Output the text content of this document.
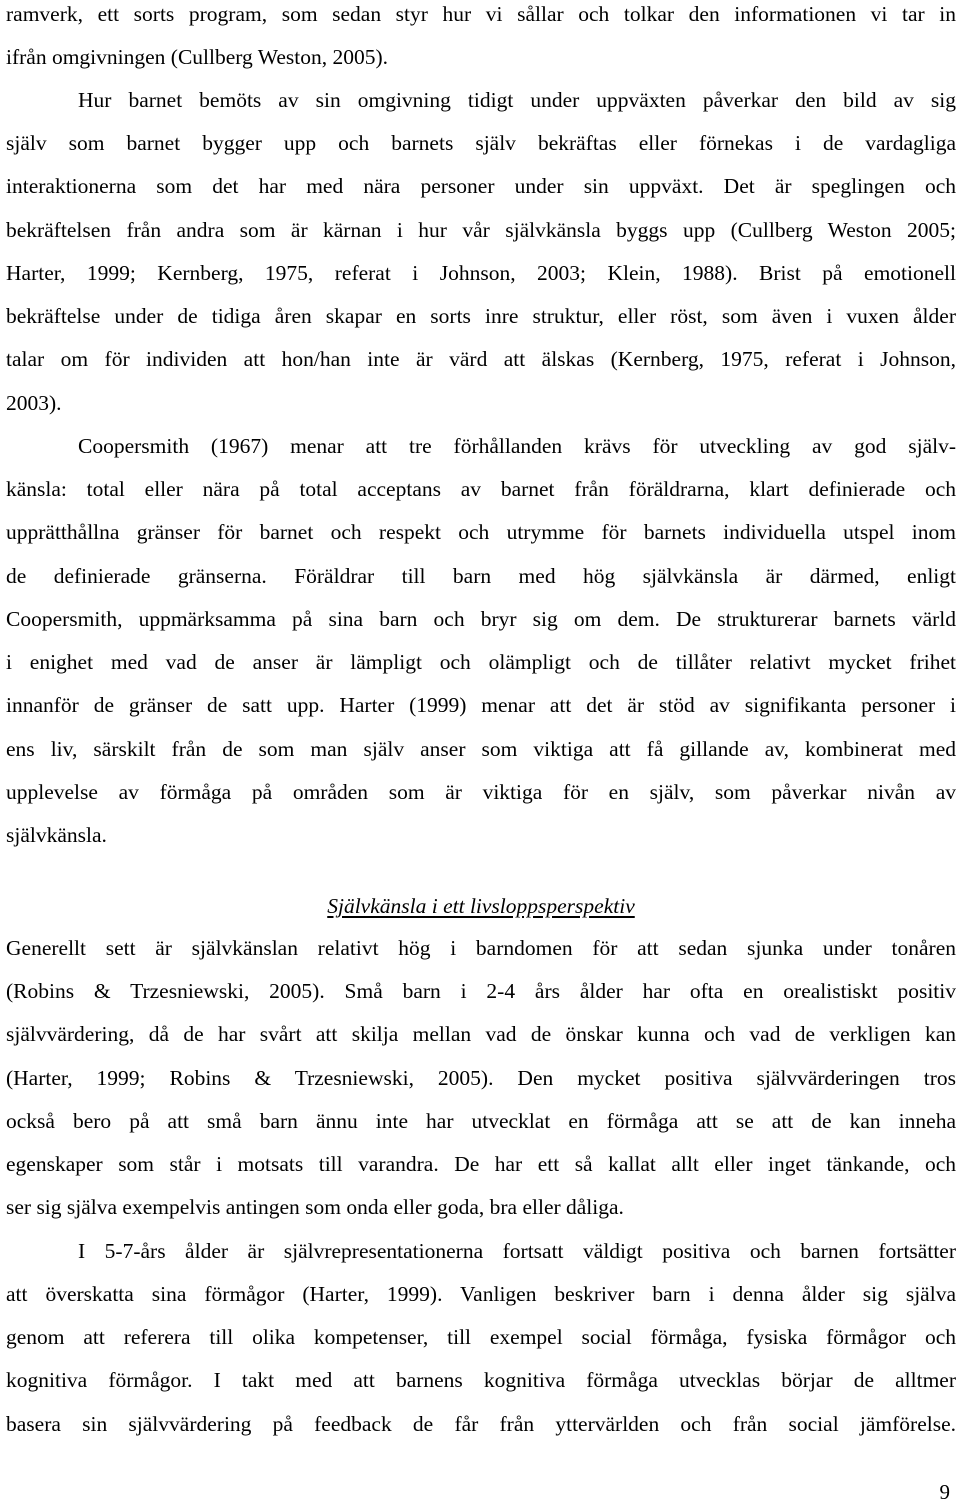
ramverk, ett sorts program, som sedan styr hur vi sållar och tolkar den informationen vi tar in
ifrån omgivningen (Cullberg Weston, 2005).
Hur barnet bemöts av sin omgivning tidigt under uppväxten påverkar den bild av sig
själv som barnet bygger upp och barnets själv bekräftas eller förnekas i de vardagliga
interaktionerna som det har med nära personer under sin uppväxt. Det är speglingen och
bekräftelsen från andra som är kärnan i hur vår självkänsla byggs upp (Cullberg Weston 2005;
Harter, 1999; Kernberg, 1975, referat i Johnson, 2003; Klein, 1988). Brist på emotionell
bekräftelse under de tidiga åren skapar en sorts inre struktur, eller röst, som även i vuxen ålder
talar om för individen att hon/han inte är värd att älskas (Kernberg, 1975, referat i Johnson,
2003).
Coopersmith (1967) menar att tre förhållanden krävs för utveckling av god själv-
känsla: total eller nära på total acceptans av barnet från föräldrarna, klart definierade och
upprätthållna gränser för barnet och respekt och utrymme för barnets individuella utspel inom
de definierade gränserna. Föräldrar till barn med hög självkänsla är därmed, enligt
Coopersmith, uppmärksamma på sina barn och bryr sig om dem. De strukturerar barnets värld
i enighet med vad de anser är lämpligt och olämpligt och de tillåter relativt mycket frihet
innanför de gränser de satt upp. Harter (1999) menar att det är stöd av signifikanta personer i
ens liv, särskilt från de som man själv anser som viktiga att få gillande av, kombinerat med
upplevelse av förmåga på områden som är viktiga för en själv, som påverkar nivån av
självkänsla.
Självkänsla i ett livsloppsperspektiv
Generellt sett är självkänslan relativt hög i barndomen för att sedan sjunka under tonåren
(Robins & Trzesniewski, 2005). Små barn i 2-4 års ålder har ofta en orealistiskt positiv
självvärdering, då de har svårt att skilja mellan vad de önskar kunna och vad de verkligen kan
(Harter, 1999; Robins & Trzesniewski, 2005). Den mycket positiva självvärderingen tros
också bero på att små barn ännu inte har utvecklat en förmåga att se att de kan inneha
egenskaper som står i motsats till varandra. De har ett så kallat allt eller inget tänkande, och
ser sig själva exempelvis antingen som onda eller goda, bra eller dåliga.
I 5-7-års ålder är självrepresentationerna fortsatt väldigt positiva och barnen fortsätter
att överskatta sina förmågor (Harter, 1999). Vanligen beskriver barn i denna ålder sig själva
genom att referera till olika kompetenser, till exempel social förmåga, fysiska förmågor och
kognitiva förmågor. I takt med att barnens kognitiva förmåga utvecklas börjar de alltmer
basera sin självvärdering på feedback de får från yttervärlden och från social jämförelse.
9
